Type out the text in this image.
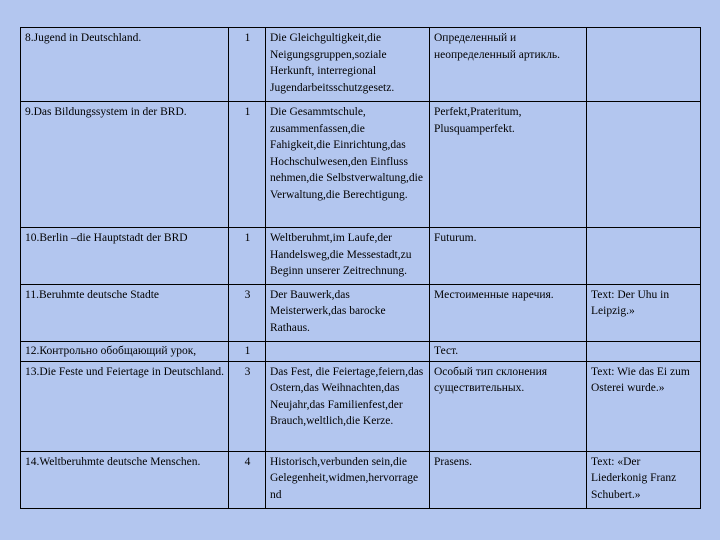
8.Jugend in Deutschland.	1	Die Gleichgultigkeit,die Neigungsgruppen,soziale Herkunft, interregional Jugendarbeitsschutzgesetz.	Определенный и неопределенный артикль.	
9.Das Bildungssystem in der BRD.	1	Die Gesammtschule, zusammenfassen,die Fahigkeit,die Einrichtung,das Hochschulwesen,den Einfluss nehmen,die Selbstverwaltung,die Verwaltung,die Berechtigung.	Perfekt,Prateritum, Plusquamperfekt.	
10.Berlin –die Hauptstadt der BRD	1	Weltberuhmt,im Laufe,der Handelsweg,die Messestadt,zu Beginn unserer Zeitrechnung.	Futurum.	
11.Beruhmte deutsche Stadte	3	Der Bauwerk,das Meisterwerk,das barocke Rathaus.	Местоименные наречия.	Text: Der Uhu in Leipzig.»
12.Контрольно обобщающий урок,	1		Тест.	
13.Die Feste und Feiertage in Deutschland.	3	Das Fest, die Feiertage,feiern,das Ostern,das Weihnachten,das Neujahr,das Familienfest,der Brauch,weltlich,die Kerze.	Особый тип склонения существительных.	Text: Wie das Ei zum Osterei wurde.»
14.Weltberuhmte deutsche Menschen.	4	Historisch,verbunden sein,die Gelegenheit,widmen,hervorrage nd	Prasens.	Text: «Der Liederkonig Franz Schubert.»
